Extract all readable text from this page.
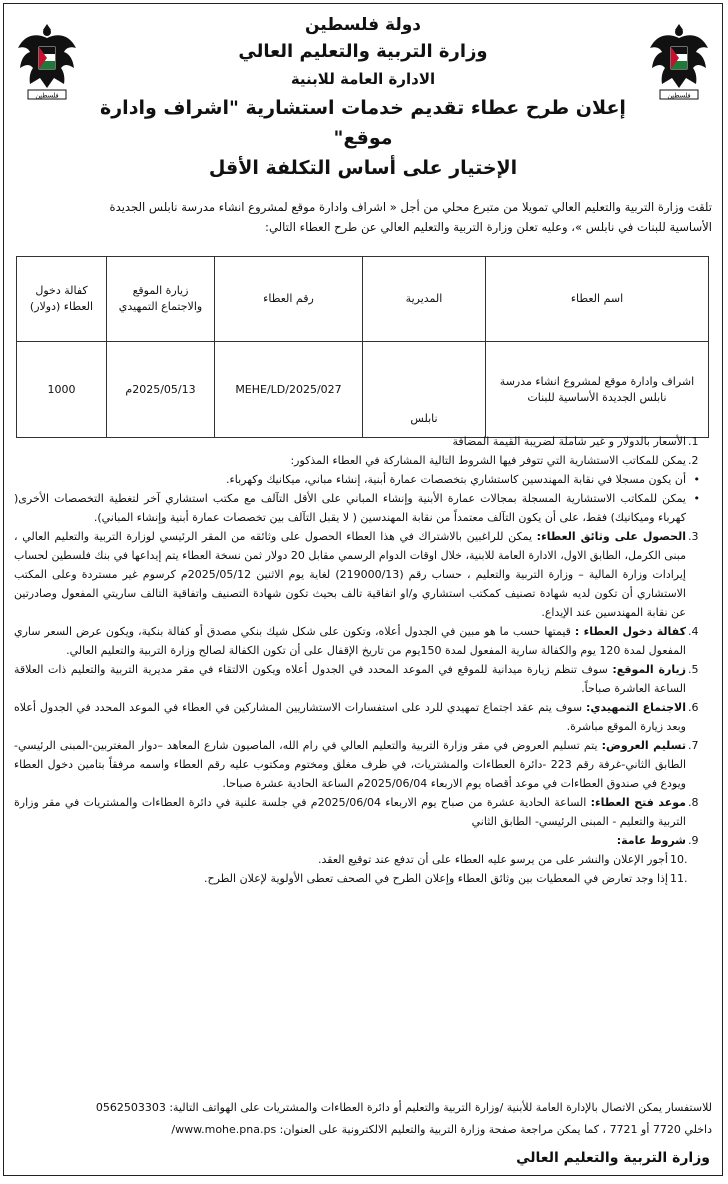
فلسطين
فلسطين
دولة فلسطين
وزارة التربية والتعليم العالي
الادارة العامة للابنية
إعلان طرح عطاء تقديم خدمات استشارية "اشراف وادارة موقع"
الإختيار على أساس التكلفة الأقل
تلقت وزارة التربية والتعليم العالي تمويلا من متبرع محلي من أجل « اشراف وادارة موقع لمشروع انشاء مدرسة نابلس الجديدة
الأساسية للبنات في نابلس »، وعليه تعلن وزارة التربية والتعليم العالي عن طرح العطاء التالي:
اسم العطاء	المديرية	رقم العطاء	زيارة الموقع والاجتماع التمهيدي	كفالة دخول العطاء (دولار)
اشراف وادارة موقع لمشروع انشاء مدرسة نابلس الجديدة الأساسية للبنات	نابلس	MEHE/LD/2025/027	2025/05/13م	1000
1.
الأسعار بالدولار و غير شاملة لضريبة القيمة المضافة
2.
يمكن للمكاتب الاستشارية التي تتوفر فيها الشروط التالية المشاركة في العطاء المذكور:
• أن يكون مسجلا في نقابة المهندسين كاستشاري بتخصصات عمارة أبنية، إنشاء مباني، ميكانيك وكهرباء.
• يمكن للمكاتب الاستشارية المسجلة بمجالات عمارة الأبنية وإنشاء المباني على الأقل التآلف مع مكتب استشاري آخر لتغطية التخصصات الأخرى( كهرباء وميكانيك) فقط، على أن يكون التآلف معتمداً من نقابة المهندسين ( لا يقبل التآلف بين تخصصات عمارة أبنية وإنشاء المباني).
3.
الحصول على وثائق العطاء: يمكن للراغبين بالاشتراك في هذا العطاء الحصول على وثائقه من المقر الرئيسي لوزارة التربية والتعليم العالي ، مبنى الكرمل، الطابق الاول، الادارة العامة للابنية، خلال اوقات الدوام الرسمي مقابل 20 دولار ثمن نسخة العطاء يتم إيداعها في بنك فلسطين لحساب إيرادات وزارة المالية – وزارة التربية والتعليم ، حساب رقم (219000/13) لغاية يوم الاثنين 2025/05/12م كرسوم غير مستردة وعلى المكتب الاستشاري أن تكون لديه شهادة تصنيف كمكتب استشاري و/او اتفاقية تالف بحيث تكون شهادة التصنيف واتفاقية التالف ساريتي المفعول وصادرتين عن نقابة المهندسين عند الإيداع.
4.
كفالة دخول العطاء : قيمتها حسب ما هو مبين في الجدول أعلاه، وتكون على شكل شيك بنكي مصدق أو كفالة بنكية، ويكون عرض السعر ساري المفعول لمدة 120 يوم والكفالة سارية المفعول لمدة 150يوم من تاريخ الإقفال على أن تكون الكفالة لصالح وزارة التربية والتعليم العالي.
5.
زيارة الموقع: سوف تنظم زيارة ميدانية للموقع في الموعد المحدد في الجدول أعلاه ويكون الالتقاء في مقر مديرية التربية والتعليم ذات العلاقة الساعة العاشرة صباحاً.
6.
الاجتماع التمهيدي: سوف يتم عقد اجتماع تمهيدي للرد على استفسارات الاستشاريين المشاركين في العطاء في الموعد المحدد في الجدول أعلاه وبعد زيارة الموقع مباشرة.
7.
تسليم العروض: يتم تسليم العروض في مقر وزارة التربية والتعليم العالي في رام الله، الماصيون شارع المعاهد –دوار المغتربين-المبنى الرئيسي- الطابق الثاني-غرفة رقم 223 -دائرة العطاءات والمشتريات، في ظرف مغلق ومختوم ومكتوب عليه رقم العطاء واسمه مرفقاً بتامين دخول العطاء ويودع في صندوق العطاءات في موعد أقصاه يوم الاربعاء 2025/06/04م الساعة الحادية عشرة صباحا.
8.
موعد فتح العطاء: الساعة الحادية عشرة من صباح يوم الاربعاء 2025/06/04م في جلسة علنية في دائرة العطاءات والمشتريات في مقر وزارة التربية والتعليم - المبنى الرئيسي- الطابق الثاني
9.
شروط عامة:
.10
أجور الإعلان والنشر على من يرسو عليه العطاء على أن تدفع عند توقيع العقد.
.11
إذا وجد تعارض في المعطيات بين وثائق العطاء وإعلان الطرح في الصحف تعطى الأولوية لإعلان الطرح.
للاستفسار يمكن الاتصال بالإدارة العامة للأبنية /وزارة التربية والتعليم أو دائرة العطاءات والمشتريات على الهواتف التالية: 0562503303
داخلي 7720 أو 7721 ، كما يمكن مراجعة صفحة وزارة التربية والتعليم الالكترونية على العنوان: www.mohe.pna.ps/
وزارة التربية والتعليم العالي
